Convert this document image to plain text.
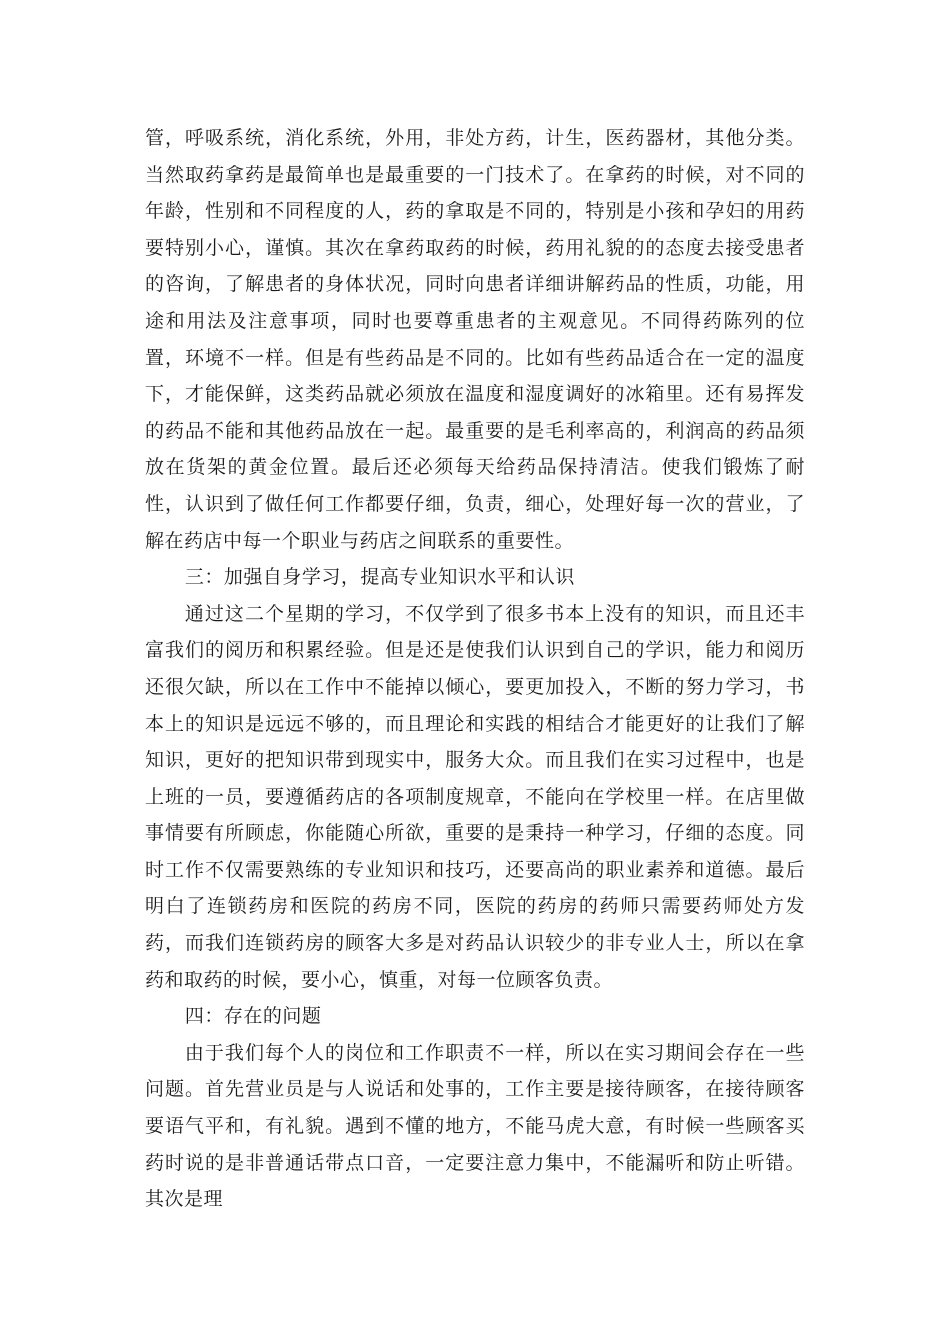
管，呼吸系统，消化系统，外用，非处方药，计生，医药器材，其他分类。当然取药拿药是最简单也是最重要的一门技术了。在拿药的时候，对不同的年龄，性别和不同程度的人，药的拿取是不同的，特别是小孩和孕妇的用药要特别小心，谨慎。其次在拿药取药的时候，药用礼貌的的态度去接受患者的咨询，了解患者的身体状况，同时向患者详细讲解药品的性质，功能，用途和用法及注意事项，同时也要尊重患者的主观意见。不同得药陈列的位置，环境不一样。但是有些药品是不同的。比如有些药品适合在一定的温度下，才能保鲜，这类药品就必须放在温度和湿度调好的冰箱里。还有易挥发的药品不能和其他药品放在一起。最重要的是毛利率高的，利润高的药品须放在货架的黄金位置。最后还必须每天给药品保持清洁。使我们锻炼了耐性，认识到了做任何工作都要仔细，负责，细心，处理好每一次的营业，了解在药店中每一个职业与药店之间联系的重要性。

三：加强自身学习，提高专业知识水平和认识

通过这二个星期的学习，不仅学到了很多书本上没有的知识，而且还丰富我们的阅历和积累经验。但是还是使我们认识到自己的学识，能力和阅历还很欠缺，所以在工作中不能掉以倾心，要更加投入，不断的努力学习，书本上的知识是远远不够的，而且理论和实践的相结合才能更好的让我们了解知识，更好的把知识带到现实中，服务大众。而且我们在实习过程中，也是上班的一员，要遵循药店的各项制度规章，不能向在学校里一样。在店里做事情要有所顾虑，你能随心所欲，重要的是秉持一种学习，仔细的态度。同时工作不仅需要熟练的专业知识和技巧，还要高尚的职业素养和道德。最后明白了连锁药房和医院的药房不同，医院的药房的药师只需要药师处方发药，而我们连锁药房的顾客大多是对药品认识较少的非专业人士，所以在拿药和取药的时候，要小心，慎重，对每一位顾客负责。

四：存在的问题

由于我们每个人的岗位和工作职责不一样，所以在实习期间会存在一些问题。首先营业员是与人说话和处事的，工作主要是接待顾客，在接待顾客要语气平和，有礼貌。遇到不懂的地方，不能马虎大意，有时候一些顾客买药时说的是非普通话带点口音，一定要注意力集中，不能漏听和防止听错。其次是理
